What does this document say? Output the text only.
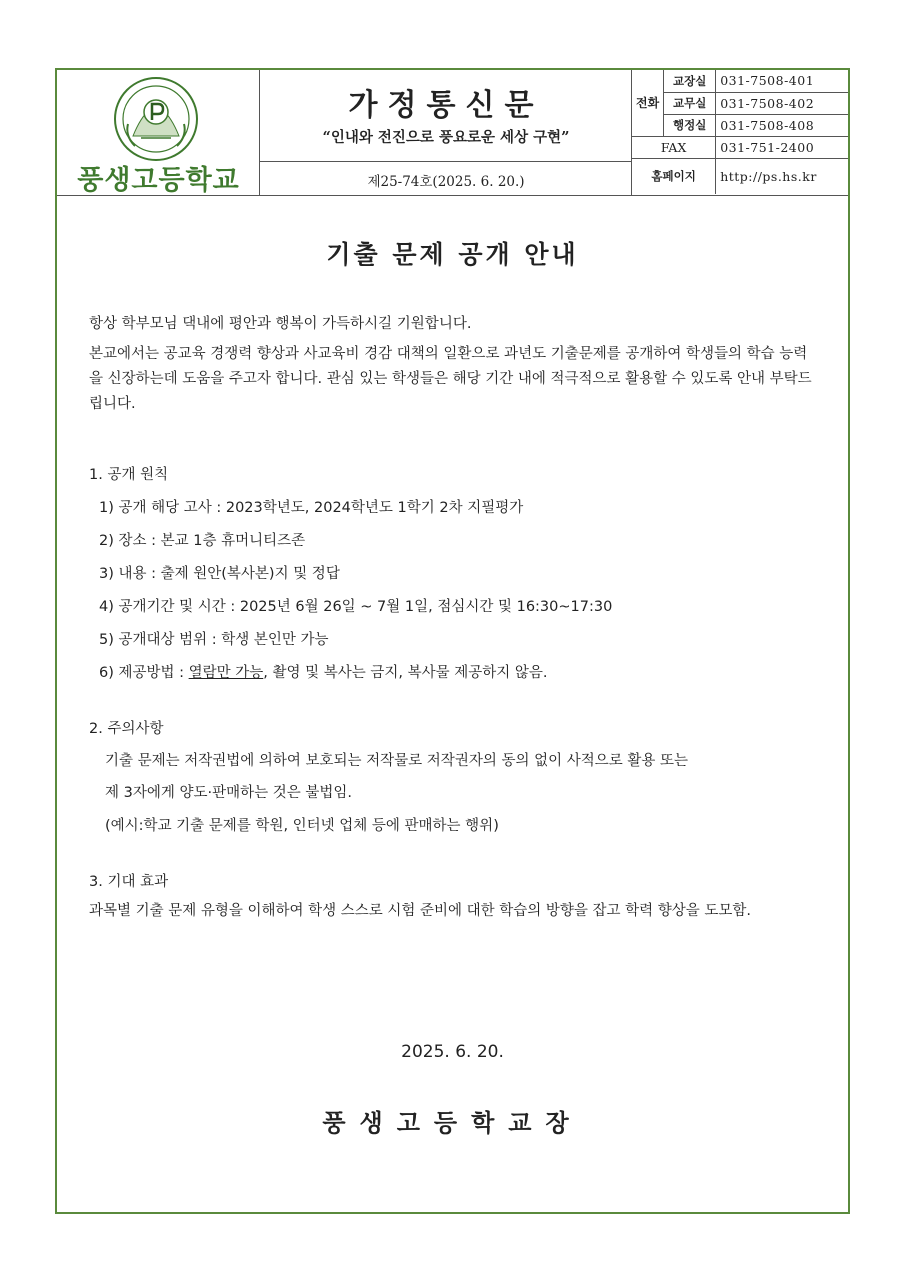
풍생고등학교
가정통신문
“인내와 전진으로 풍요로운 세상 구현”
제25-74호(2025. 6. 20.)
전화	교장실	031-7508-401
	교무실	031-7508-402
	행정실	031-7508-408
FAX		031-751-2400
홈페이지		http://ps.hs.kr
기출 문제 공개 안내
항상 학부모님 댁내에 평안과 행복이 가득하시길 기원합니다.
본교에서는 공교육 경쟁력 향상과 사교육비 경감 대책의 일환으로 과년도 기출문제를 공개하여 학생들의 학습 능력을 신장하는데 도움을 주고자 합니다. 관심 있는 학생들은 해당 기간 내에 적극적으로 활용할 수 있도록 안내 부탁드립니다.
1. 공개 원칙
1) 공개 해당 고사 : 2023학년도, 2024학년도 1학기 2차 지필평가
2) 장소 : 본교 1층 휴머니티즈존
3) 내용 : 출제 원안(복사본)지 및 정답
4) 공개기간 및 시간 : 2025년 6월 26일 ~ 7월 1일, 점심시간 및 16:30~17:30
5) 공개대상 범위 : 학생 본인만 가능
6) 제공방법 : 열람만 가능, 촬영 및 복사는 금지, 복사물 제공하지 않음.
2. 주의사항
기출 문제는 저작권법에 의하여 보호되는 저작물로 저작권자의 동의 없이 사적으로 활용 또는
제 3자에게 양도·판매하는 것은 불법임.
(예시:학교 기출 문제를 학원, 인터넷 업체 등에 판매하는 행위)
3. 기대 효과
과목별 기출 문제 유형을 이해하여 학생 스스로 시험 준비에 대한 학습의 방향을 잡고 학력 향상을 도모함.
2025. 6. 20.
풍생고등학교장
